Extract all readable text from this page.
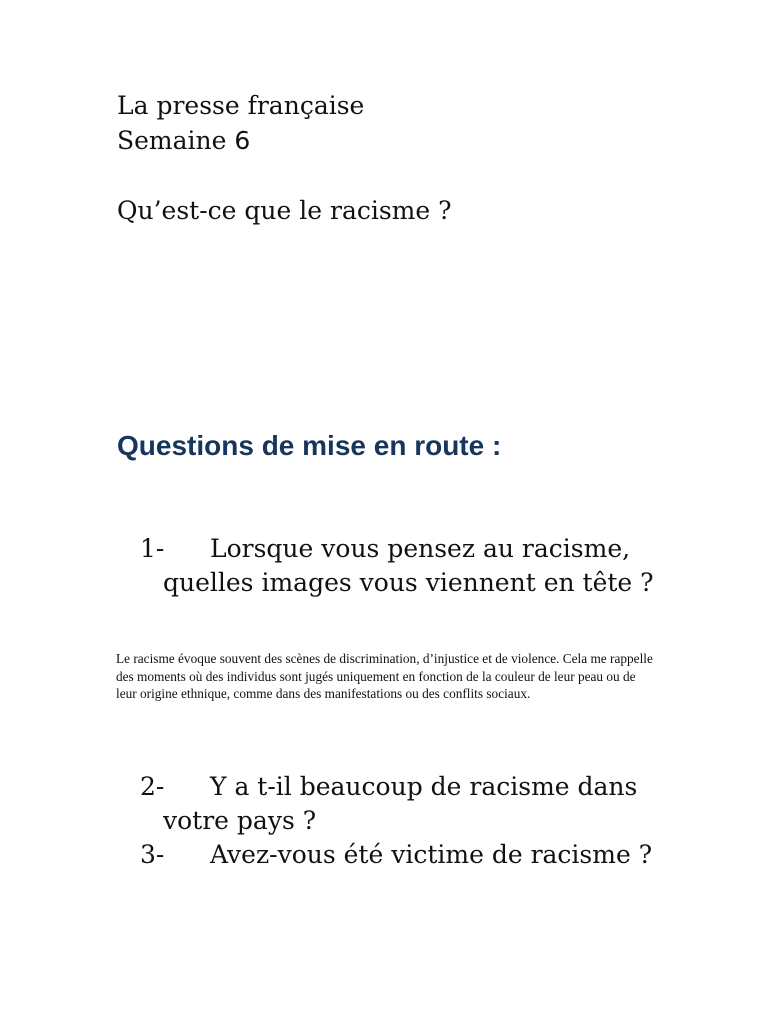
La presse française
Semaine 6
Qu’est-ce que le racisme ?
Questions de mise en route :
1-	Lorsque vous pensez au racisme, quelles images vous viennent en tête ?
Le racisme évoque souvent des scènes de discrimination, d’injustice et de violence. Cela me rappelle des moments où des individus sont jugés uniquement en fonction de la couleur de leur peau ou de leur origine ethnique, comme dans des manifestations ou des conflits sociaux.
2-	Y a t-il beaucoup de racisme dans votre pays ?
3-	Avez-vous été victime de racisme ?
